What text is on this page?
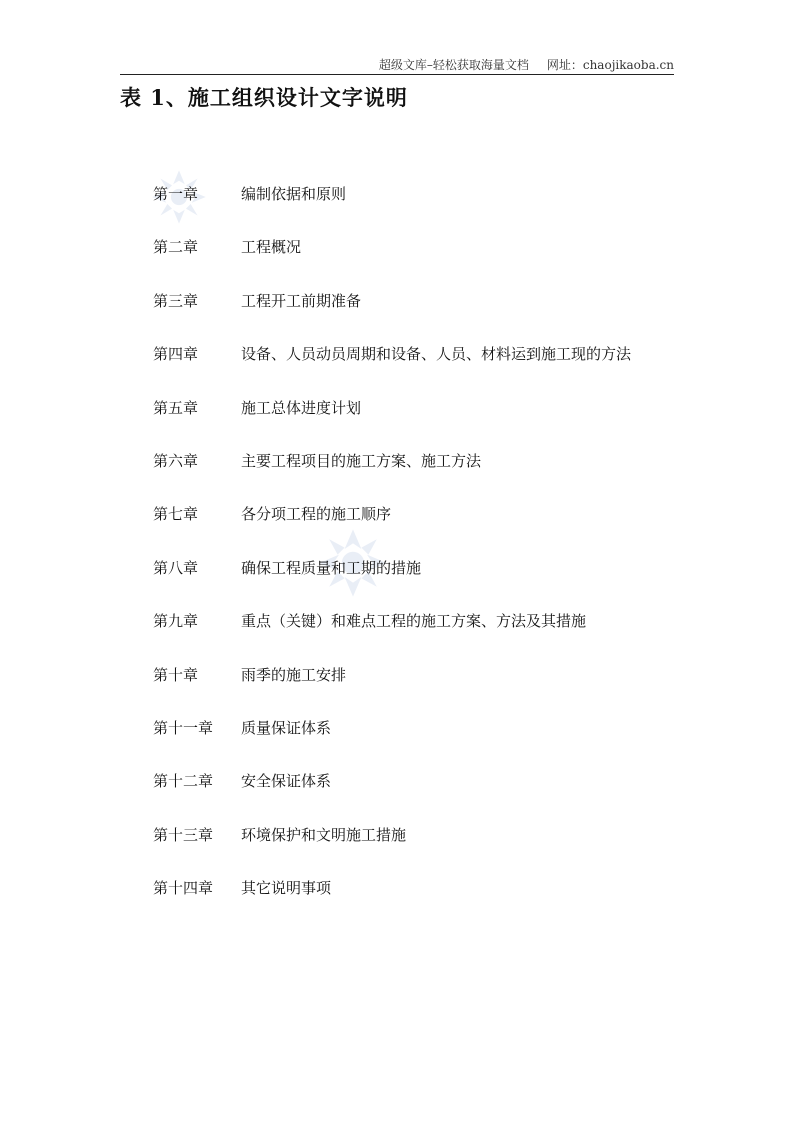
超级文库–轻松获取海量文档 网址：chaojikaoba.cn
表 1、施工组织设计文字说明
第一章	编制依据和原则
第二章	工程概况
第三章	工程开工前期准备
第四章	设备、人员动员周期和设备、人员、材料运到施工现的方法
第五章	施工总体进度计划
第六章	主要工程项目的施工方案、施工方法
第七章	各分项工程的施工顺序
第八章	确保工程质量和工期的措施
第九章	重点（关键）和难点工程的施工方案、方法及其措施
第十章	雨季的施工安排
第十一章	质量保证体系
第十二章	安全保证体系
第十三章	环境保护和文明施工措施
第十四章	其它说明事项
